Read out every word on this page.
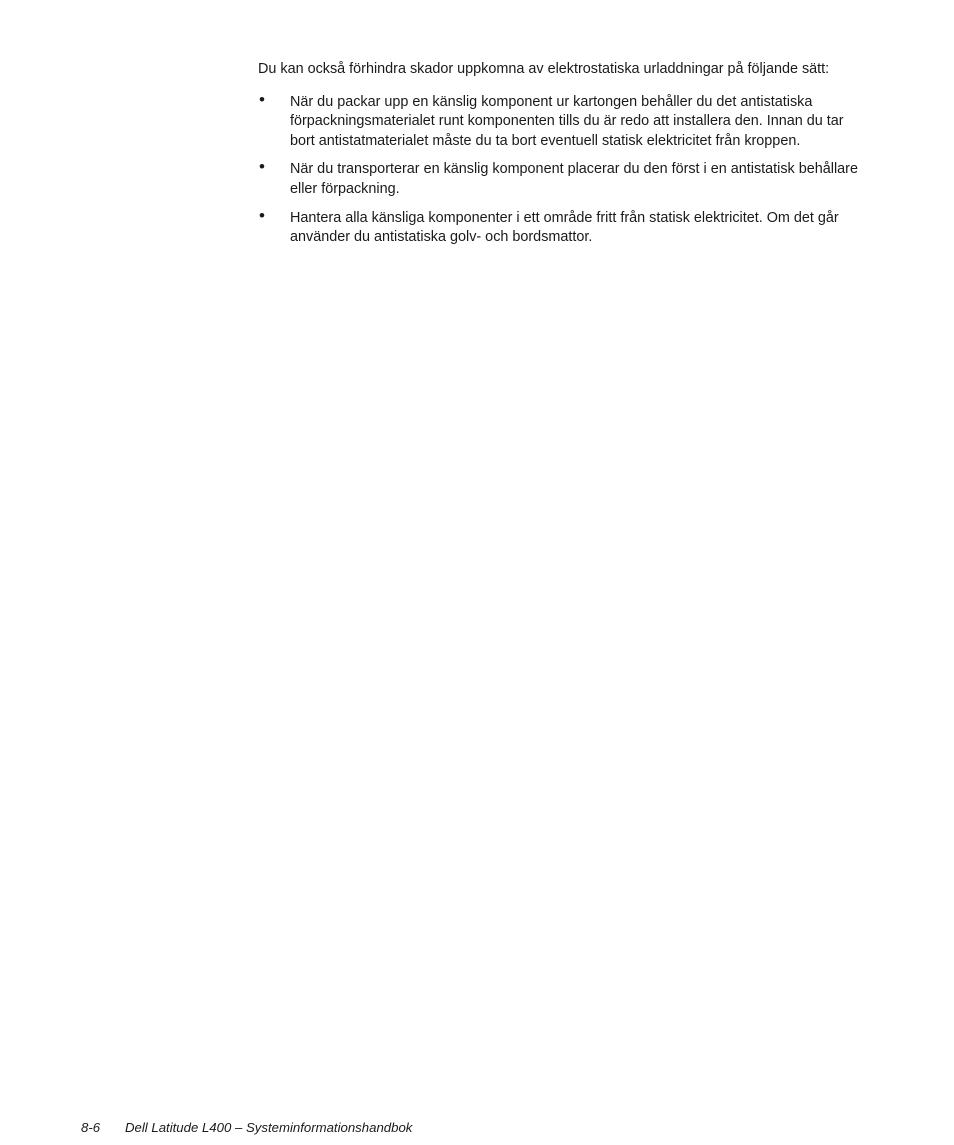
Du kan också förhindra skador uppkomna av elektrostatiska urladdningar på följande sätt:

• När du packar upp en känslig komponent ur kartongen behåller du det antistatiska förpackningsmaterialet runt komponenten tills du är redo att installera den. Innan du tar bort antistatmaterialet måste du ta bort eventuell statisk elektricitet från kroppen.
• När du transporterar en känslig komponent placerar du den först i en antistatisk behållare eller förpackning.
• Hantera alla känsliga komponenter i ett område fritt från statisk elektricitet. Om det går använder du antistatiska golv- och bordsmattor.
8-6 Dell Latitude L400 – Systeminformationshandbok
